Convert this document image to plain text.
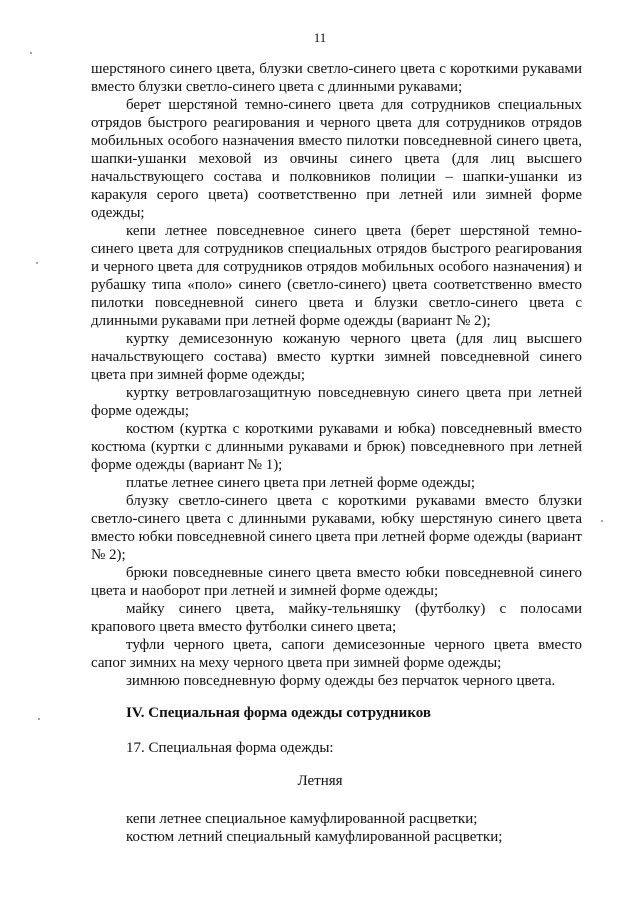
11

шерстяного синего цвета, блузки светло-синего цвета с короткими рукавами вместо блузки светло-синего цвета с длинными рукавами;

берет шерстяной темно-синего цвета для сотрудников специальных отрядов быстрого реагирования и черного цвета для сотрудников отрядов мобильных особого назначения вместо пилотки повседневной синего цвета, шапки-ушанки меховой из овчины синего цвета (для лиц высшего начальствующего состава и полковников полиции – шапки-ушанки из каракуля серого цвета) соответственно при летней или зимней форме одежды;

кепи летнее повседневное синего цвета (берет шерстяной темно-синего цвета для сотрудников специальных отрядов быстрого реагирования и черного цвета для сотрудников отрядов мобильных особого назначения) и рубашку типа «поло» синего (светло-синего) цвета соответственно вместо пилотки повседневной синего цвета и блузки светло-синего цвета с длинными рукавами при летней форме одежды (вариант № 2);

куртку демисезонную кожаную черного цвета (для лиц высшего начальствующего состава) вместо куртки зимней повседневной синего цвета при зимней форме одежды;

куртку ветровлагозащитную повседневную синего цвета при летней форме одежды;

костюм (куртка с короткими рукавами и юбка) повседневный вместо костюма (куртки с длинными рукавами и брюк) повседневного при летней форме одежды (вариант № 1);

платье летнее синего цвета при летней форме одежды;

блузку светло-синего цвета с короткими рукавами вместо блузки светло-синего цвета с длинными рукавами, юбку шерстяную синего цвета вместо юбки повседневной синего цвета при летней форме одежды (вариант № 2);

брюки повседневные синего цвета вместо юбки повседневной синего цвета и наоборот при летней и зимней форме одежды;

майку синего цвета, майку-тельняшку (футболку) с полосами крапового цвета вместо футболки синего цвета;

туфли черного цвета, сапоги демисезонные черного цвета вместо сапог зимних на меху черного цвета при зимней форме одежды;

зимнюю повседневную форму одежды без перчаток черного цвета.

IV. Специальная форма одежды сотрудников
17. Специальная форма одежды:
Летняя
кепи летнее специальное камуфлированной расцветки;
костюм летний специальный камуфлированной расцветки;
